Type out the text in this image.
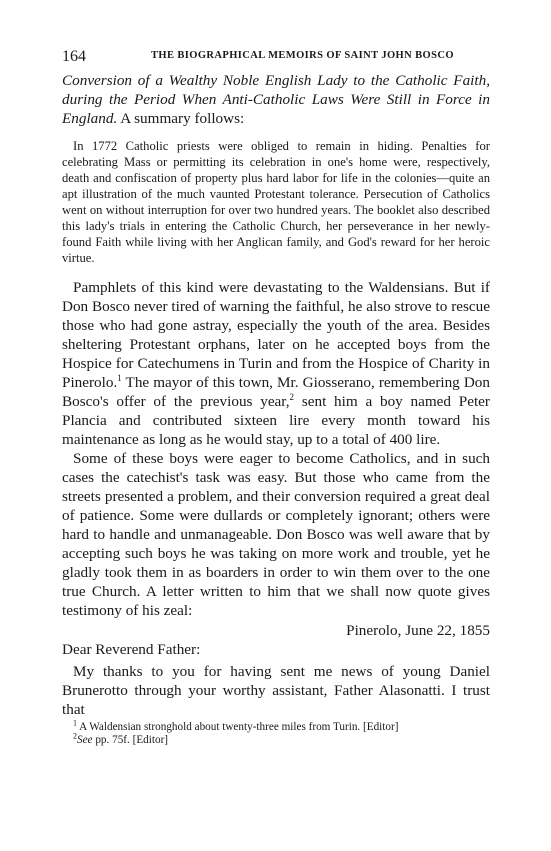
164	THE BIOGRAPHICAL MEMOIRS OF SAINT JOHN BOSCO
Conversion of a Wealthy Noble English Lady to the Catholic Faith, during the Period When Anti-Catholic Laws Were Still in Force in England. A summary follows:
In 1772 Catholic priests were obliged to remain in hiding. Penalties for celebrating Mass or permitting its celebration in one's home were, respectively, death and confiscation of property plus hard labor for life in the colonies—quite an apt illustration of the much vaunted Protestant tolerance. Persecution of Catholics went on without interruption for over two hundred years. The booklet also described this lady's trials in entering the Catholic Church, her perseverance in her newly-found Faith while living with her Anglican family, and God's reward for her heroic virtue.

Pamphlets of this kind were devastating to the Waldensians. But if Don Bosco never tired of warning the faithful, he also strove to rescue those who had gone astray, especially the youth of the area. Besides sheltering Protestant orphans, later on he accepted boys from the Hospice for Catechumens in Turin and from the Hospice of Charity in Pinerolo.$^1$ The mayor of this town, Mr. Giosserano, remembering Don Bosco's offer of the previous year,$^2$ sent him a boy named Peter Plancia and contributed sixteen lire every month toward his maintenance as long as he would stay, up to a total of 400 lire.

Some of these boys were eager to become Catholics, and in such cases the catechist's task was easy. But those who came from the streets presented a problem, and their conversion required a great deal of patience. Some were dullards or completely ignorant; others were hard to handle and unmanageable. Don Bosco was well aware that by accepting such boys he was taking on more work and trouble, yet he gladly took them in as boarders in order to win them over to the one true Church. A letter written to him that we shall now quote gives testimony of his zeal:

Pinerolo, June 22, 1855
Dear Reverend Father:
My thanks to you for having sent me news of young Daniel Brunerotto through your worthy assistant, Father Alasonatti. I trust that
$^1$ A Waldensian stronghold about twenty-three miles from Turin. [Editor]
$^2$See pp. 75f. [Editor]
